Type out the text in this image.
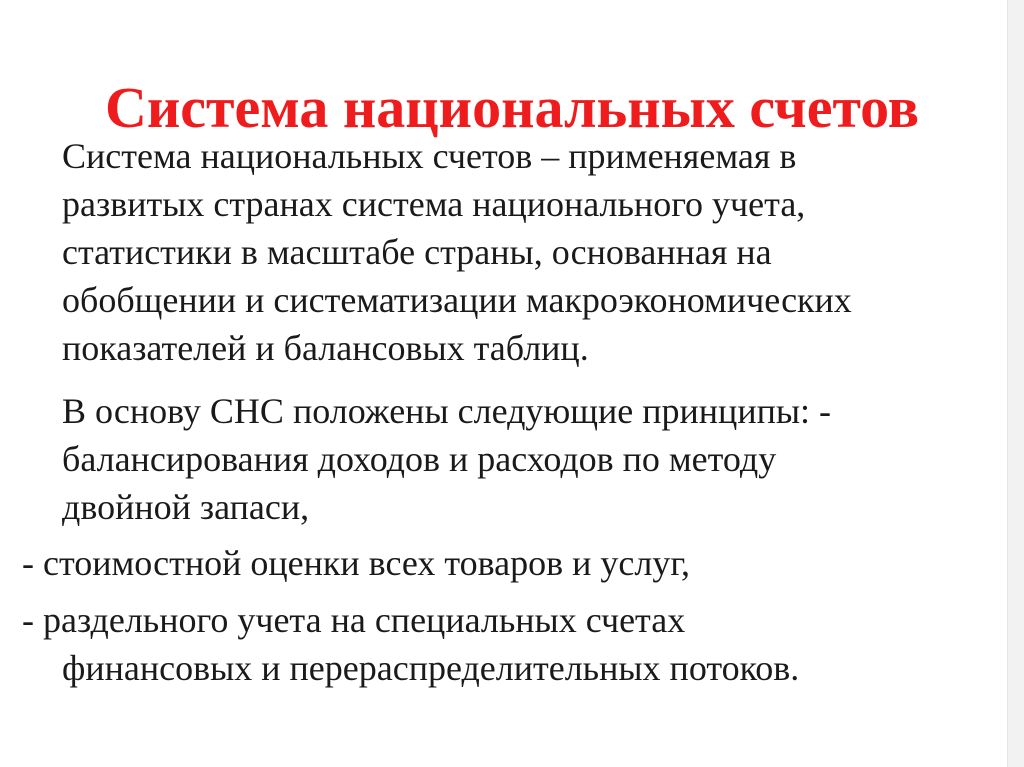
Система национальных счетов
Система национальных счетов – применяемая в
развитых странах система национального учета,
статистики в масштабе страны, основанная на
обобщении и систематизации макроэкономических
показателей и балансовых таблиц.
В основу СНС положены следующие принципы: -
балансирования доходов и расходов по методу
двойной запаси,
- стоимостной оценки всех товаров и услуг,
- раздельного учета на специальных счетах
финансовых и перераспределительных потоков.
